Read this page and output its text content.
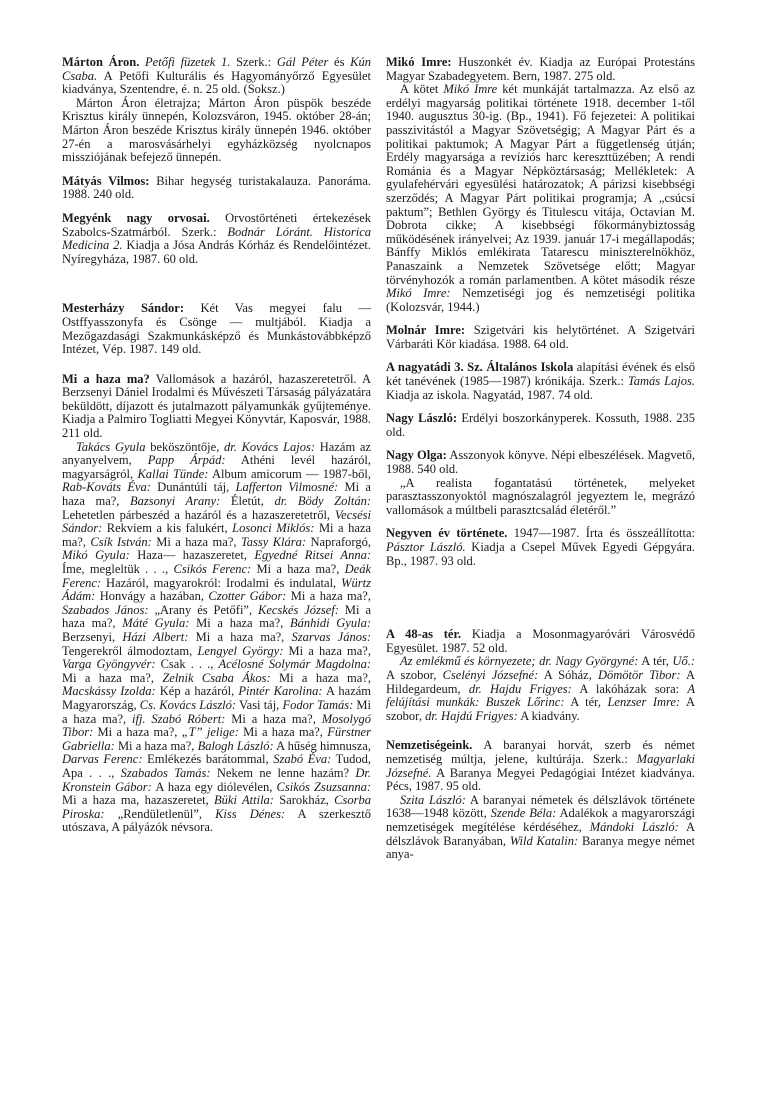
Márton Áron. Petőfi füzetek 1. Szerk.: Gál Péter és Kún Csaba. A Petőfi Kulturális és Hagyományőrző Egyesület kiadványa, Szentendre, é. n. 25 old. (Soksz.)

Márton Áron életrajza; Márton Áron püspök beszéde Krisztus király ünnepén, Kolozsváron, 1945. október 28-án; Márton Áron beszéde Krisztus király ünnepén 1946. október 27-én a marosvásárhelyi egyházközség nyolcnapos missziójának befejező ünnepén.

Mátyás Vilmos: Bihar hegység turistakalauza. Panoráma. 1988. 240 old.

Megyénk nagy orvosai. Orvostörténeti értekezések Szabolcs-Szatmárból. Szerk.: Bodnár Lóránt. Historica Medicina 2. Kiadja a Jósa András Kórház és Rendelőintézet. Nyíregyháza, 1987. 60 old.

Mesterházy Sándor: Két Vas megyei falu — Ostffyasszonyfa és Csönge — multjából. Kiadja a Mezőgazdasági Szakmunkásképző és Munkástovábbképző Intézet, Vép. 1987. 149 old.

Mi a haza ma? Vallomások a hazáról, hazaszeretetről. A Berzsenyi Dániel Irodalmi és Művészeti Társaság pályázatára beküldött, díjazott és jutalmazott pályamunkák gyűjteménye. Kiadja a Palmiro Togliatti Megyei Könyvtár, Kaposvár, 1988. 211 old.

Takács Gyula beköszöntője, dr. Kovács Lajos: Hazám az anyanyelvem, Papp Árpád: Athéni levél hazáról, magyarságról, Kallai Tünde: Album amicorum — 1987-ből, Rab-Kováts Éva: Dunántúli táj, Lafferton Vilmosné: Mi a haza ma?, Bazsonyi Arany: Életút, dr. Bödy Zoltán: Lehetetlen párbeszéd a hazáról és a hazaszeretetről, Vecsési Sándor: Rekviem a kis falukért, Losonci Miklós: Mi a haza ma?, Csík István: Mi a haza ma?, Tassy Klára: Napraforgó, Mikó Gyula: Haza— hazaszeretet, Egyedné Ritsei Anna: Íme, megleltük . . ., Csikós Ferenc: Mi a haza ma?, Deák Ferenc: Hazáról, magyarokról: Irodalmi és indulatal, Würtz Ádám: Honvágy a hazában, Czotter Gábor: Mi a haza ma?, Szabados János: „Arany és Petőfi”, Kecskés József: Mi a haza ma?, Máté Gyula: Mi a haza ma?, Bánhidi Gyula: Berzsenyi, Házi Albert: Mi a haza ma?, Szarvas János: Tengerekről álmodoztam, Lengyel György: Mi a haza ma?, Varga Gyöngyvér: Csak . . ., Acélosné Solymár Magdolna: Mi a haza ma?, Zelnik Csaba Ákos: Mi a haza ma?, Macskássy Izolda: Kép a hazáról, Pintér Karolina: A hazám Magyarország, Cs. Kovács László: Vasi táj, Fodor Tamás: Mi a haza ma?, ifj. Szabó Róbert: Mi a haza ma?, Mosolygó Tibor: Mi a haza ma?, „T” jelige: Mi a haza ma?, Fürstner Gabriella: Mi a haza ma?, Balogh László: A hűség himnusza, Darvas Ferenc: Emlékezés barátommal, Szabó Éva: Tudod, Apa . . ., Szabados Tamás: Nekem ne lenne hazám? Dr. Kronstein Gábor: A haza egy diólevélen, Csikós Zsuzsanna: Mi a haza ma, hazaszeretet, Büki Attila: Sarokház, Csorba Piroska: „Rendületlenül”, Kiss Dénes: A szerkesztő utószava, A pályázók névsora.

Mikó Imre: Huszonkét év. Kiadja az Európai Protestáns Magyar Szabadegyetem. Bern, 1987. 275 old.

A kötet Mikó Imre két munkáját tartalmazza. Az első az erdélyi magyarság politikai története 1918. december 1-től 1940. augusztus 30-ig. (Bp., 1941). Fő fejezetei: A politikai passzivitástól a Magyar Szövetségig; A Magyar Párt és a politikai paktumok; A Magyar Párt a függetlenség útján; Erdély magyarsága a revíziós harc kereszttüzében; A rendi Románia és a Magyar Népköztársaság; Mellékletek: A gyulafehérvári egyesülési határozatok; A párizsi kisebbségi szerződés; A Magyar Párt politikai programja; A „csúcsi paktum”; Bethlen György és Titulescu vitája, Octavian M. Dobrota cikke; A kisebbségi főkormánybiztosság működésének irányelvei; Az 1939. január 17-i megállapodás; Bánffy Miklós emlékirata Tatarescu miniszterelnökhöz, Panaszaink a Nemzetek Szövetsége előtt; Magyar törvényhozók a román parlamentben. A kötet második része Mikó Imre: Nemzetiségi jog és nemzetiségi politika (Kolozsvár, 1944.)

Molnár Imre: Szigetvári kis helytörténet. A Szigetvári Várbaráti Kör kiadása. 1988. 64 old.

A nagyatádi 3. Sz. Általános Iskola alapítási évének és első két tanévének (1985—1987) krónikája. Szerk.: Tamás Lajos. Kiadja az iskola. Nagyatád, 1987. 74 old.

Nagy László: Erdélyi boszorkányperek. Kossuth, 1988. 235 old.

Nagy Olga: Asszonyok könyve. Népi elbeszélések. Magvető, 1988. 540 old.

„A realista fogantatású történetek, melyeket parasztasszonyoktól magnószalagról jegyeztem le, megrázó vallomások a múltbeli parasztcsalád életéről.”

Negyven év története. 1947—1987. Írta és összeállította: Pásztor László. Kiadja a Csepel Művek Egyedi Gépgyára. Bp., 1987. 93 old.

A 48-as tér. Kiadja a Mosonmagyaróvári Városvédő Egyesület. 1987. 52 old.

Az emlékmű és környezete; dr. Nagy Györgyné: A tér, Uő.: A szobor, Cselényi Józsefné: A Sóház, Dömötör Tibor: A Hildegardeum, dr. Hajdu Frigyes: A lakóházak sora: A felújítási munkák: Buszek Lőrinc: A tér, Lenzser Imre: A szobor, dr. Hajdú Frigyes: A kiadvány.

Nemzetiségeink. A baranyai horvát, szerb és német nemzetiség múltja, jelene, kultúrája. Szerk.: Magyarlaki Józsefné. A Baranya Megyei Pedagógiai Intézet kiadványa. Pécs, 1987. 95 old.

Szita László: A baranyai németek és délszlávok története 1638—1948 között, Szende Béla: Adalékok a magyarországi nemzetiségek megítélése kérdéséhez, Mándoki László: A délszlávok Baranyában, Wild Katalin: Baranya megye német anya-
